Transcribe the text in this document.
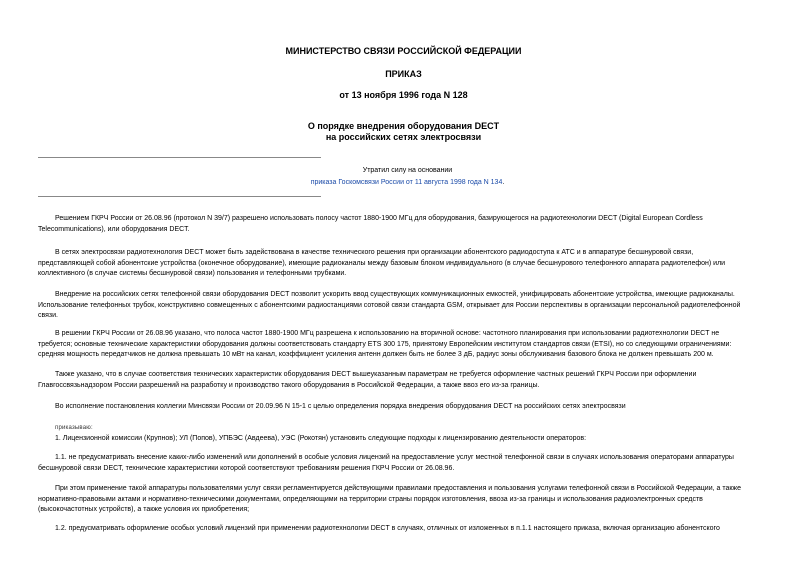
МИНИСТЕРСТВО СВЯЗИ РОССИЙСКОЙ ФЕДЕРАЦИИ
ПРИКАЗ
от 13 ноября 1996 года N 128
О порядке внедрения оборудования DECT
на российских сетях электросвязи
Утратил силу на основании
приказа Госкомсвязи России от 11 августа 1998 года N 134.
Решением ГКРЧ России от 26.08.96 (протокол N 39/7) разрешено использовать полосу частот 1880-1900 МГц для оборудования, базирующегося на радиотехнологии DECT (Digital European Cordless
Telecommunications), или оборудования DECT.
В сетях электросвязи радиотехнология DECT может быть задействована в качестве технического решения при организации абонентского радиодоступа к АТС и в аппаратуре бесшнуровой связи,
представляющей собой абонентские устройства (оконечное оборудование), имеющие радиоканалы между базовым блоком индивидуального (в случае бесшнурового телефонного аппарата радиотелефон) или
коллективного (в случае системы бесшнуровой связи) пользования и телефонными трубками.
Внедрение на российских сетях телефонной связи оборудования DECT позволит ускорить ввод существующих коммуникационных емкостей, унифицировать абонентские устройства, имеющие радиоканалы.
Использование телефонных трубок, конструктивно совмещенных с абонентскими радиостанциями сотовой связи стандарта GSM, открывает для России перспективы в организации персональной радиотелефонной
связи.
В решении ГКРЧ России от 26.08.96 указано, что полоса частот 1880-1900 МГц разрешена к использованию на вторичной основе: частотного планирования при использовании радиотехнологии DECT не
требуется; основные технические характеристики оборудования должны соответствовать стандарту ETS 300 175, принятому Европейским институтом стандартов связи (ETSI), но со следующими ограничениями:
средняя мощность передатчиков не должна превышать 10 мВт на канал, коэффициент усиления антенн должен быть не более 3 дБ, радиус зоны обслуживания базового блока не должен превышать 200 м.
Также указано, что в случае соответствия технических характеристик оборудования DECT вышеуказанным параметрам не требуется оформление частных решений ГКРЧ России при оформлении
Главгоссвязьнадзором России разрешений на разработку и производство такого оборудования в Российской Федерации, а также ввоз его из-за границы.
Во исполнение постановления коллегии Минсвязи России от 20.09.96 N 15-1 с целью определения порядка внедрения оборудования DECT на российских сетях электросвязи
приказываю:
1. Лицензионной комиссии (Крупнов); УЛ (Попов), УПБЭС (Авдеева), УЭС (Рокотян) установить следующие подходы к лицензированию деятельности операторов:
1.1. не предусматривать внесение каких-либо изменений или дополнений в особые условия лицензий на предоставление услуг местной телефонной связи в случаях использования операторами аппаратуры
бесшнуровой связи DECT, технические характеристики которой соответствуют требованиям решения ГКРЧ России от 26.08.96.
При этом применение такой аппаратуры пользователями услуг связи регламентируется действующими правилами предоставления и пользования услугами телефонной связи в Российской Федерации, а также
нормативно-правовыми актами и нормативно-техническими документами, определяющими на территории страны порядок изготовления, ввоза из-за границы и использования радиоэлектронных средств
(высокочастотных устройств), а также условия их приобретения;
1.2. предусматривать оформление особых условий лицензий при применении радиотехнологии DECT в случаях, отличных от изложенных в п.1.1 настоящего приказа, включая организацию абонентского
